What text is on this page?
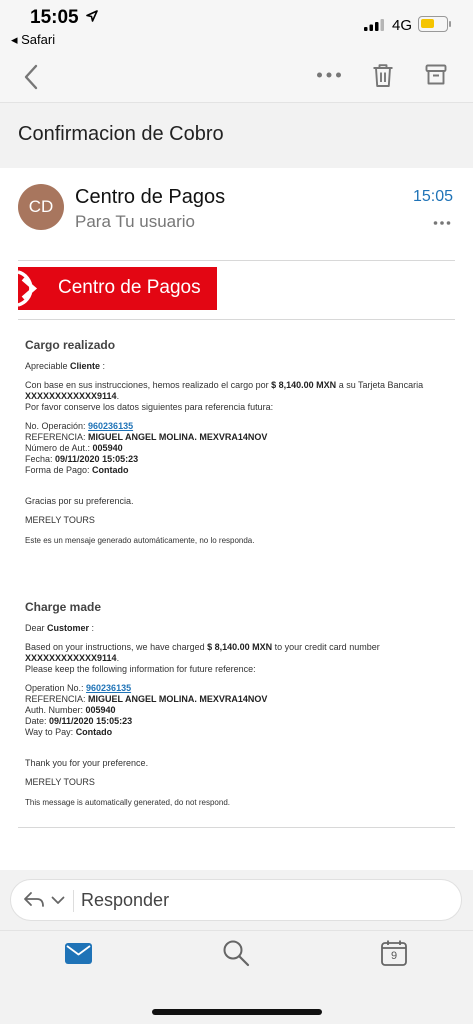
15:05
◂ Safari
4G
Confirmacion de Cobro
CD	Centro de Pagos
Para Tu usuario
15:05
Centro de Pagos
Cargo realizado
Apreciable Cliente :
Con base en sus instrucciones, hemos realizado el cargo por $ 8,140.00 MXN a su Tarjeta Bancaria
XXXXXXXXXXXX9114.
Por favor conserve los datos siguientes para referencia futura:
No. Operación: 960236135
REFERENCIA: MIGUEL ANGEL MOLINA. MEXVRA14NOV
Número de Aut.: 005940
Fecha: 09/11/2020 15:05:23
Forma de Pago: Contado
Gracias por su preferencia.
MERELY TOURS
Este es un mensaje generado automáticamente, no lo responda.
Charge made
Dear Customer :
Based on your instructions, we have charged $ 8,140.00 MXN to your credit card number
XXXXXXXXXXXX9114.
Please keep the following information for future reference:
Operation No.: 960236135
REFERENCIA: MIGUEL ANGEL MOLINA. MEXVRA14NOV
Auth. Number: 005940
Date: 09/11/2020 15:05:23
Way to Pay: Contado
Thank you for your preference.
MERELY TOURS
This message is automatically generated, do not respond.
Responder
9
